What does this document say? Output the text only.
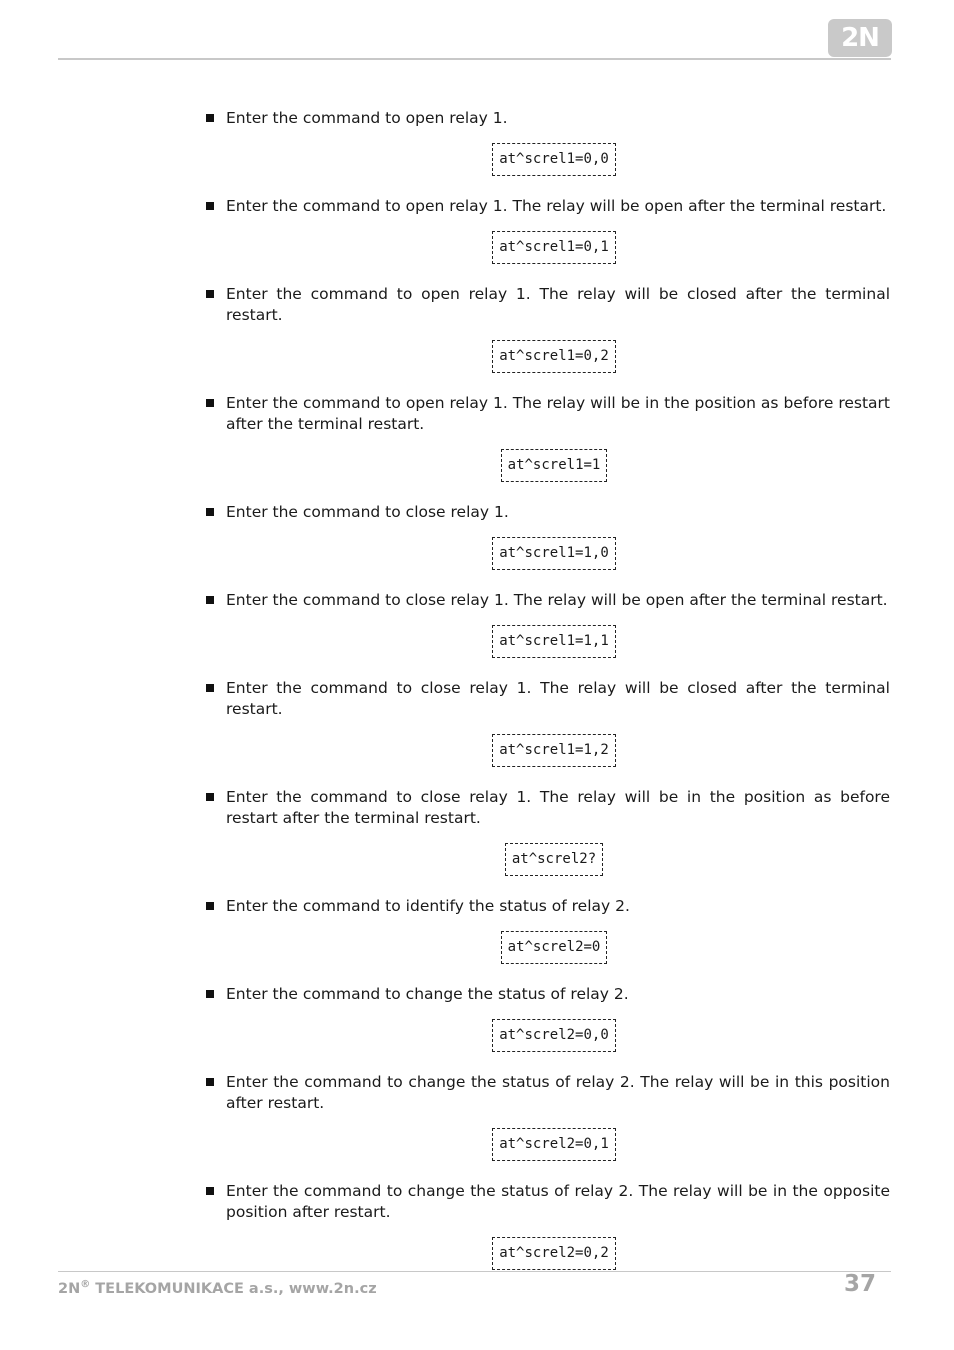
2N
Enter the command to open relay 1.
at^screl1=0,0
Enter the command to open relay 1. The relay will be open after the terminal restart.
at^screl1=0,1
Enter the command to open relay 1. The relay will be closed after the terminal restart.
at^screl1=0,2
Enter the command to open relay 1. The relay will be in the position as before restart after the terminal restart.
at^screl1=1
Enter the command to close relay 1.
at^screl1=1,0
Enter the command to close relay 1. The relay will be open after the terminal restart.
at^screl1=1,1
Enter the command to close relay 1. The relay will be closed after the terminal restart.
at^screl1=1,2
Enter the command to close relay 1. The relay will be in the position as before restart after the terminal restart.
at^screl2?
Enter the command to identify the status of relay 2.
at^screl2=0
Enter the command to change the status of relay 2.
at^screl2=0,0
Enter the command to change the status of relay 2. The relay will be in this position after restart.
at^screl2=0,1
Enter the command to change the status of relay 2. The relay will be in the opposite position after restart.
at^screl2=0,2
2N® TELEKOMUNIKACE a.s., www.2n.cz	37
